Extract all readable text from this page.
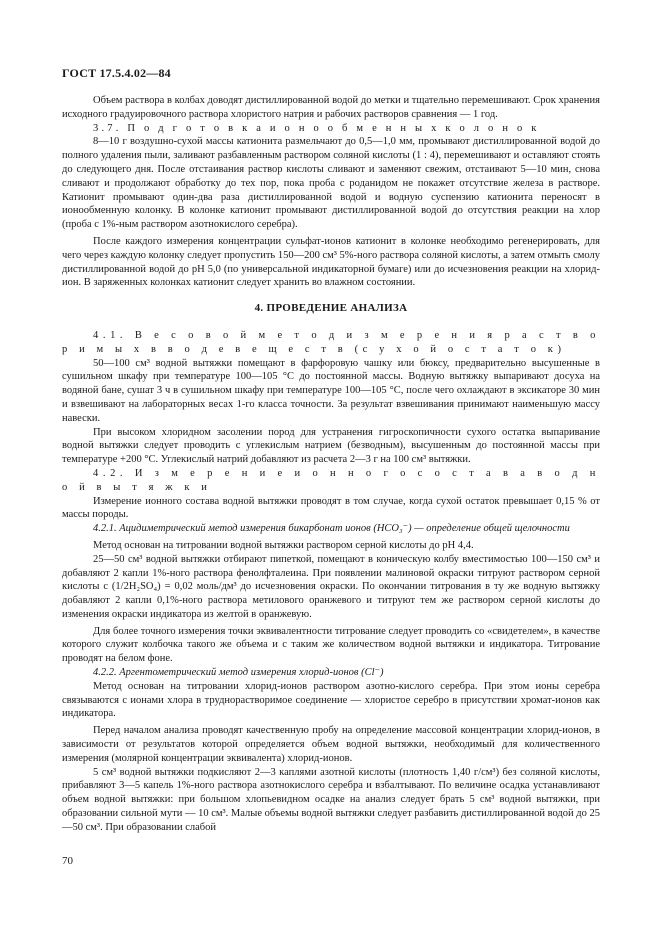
ГОСТ 17.5.4.02—84

Объем раствора в колбах доводят дистиллированной водой до метки и тщательно перемешивают. Срок хранения исходного градуировочного раствора хлористого натрия и рабочих растворов сравнения — 1 год.

3.7. П о д г о т о в к а и о н о о б м е н н ы х к о л о н о к

8—10 г воздушно-сухой массы катионита размельчают до 0,5—1,0 мм, промывают дистиллированной водой до полного удаления пыли, заливают разбавленным раствором соляной кислоты (1 : 4), перемешивают и оставляют стоять до следующего дня. После отстаивания раствор кислоты сливают и заменяют свежим, отстаивают 5—10 мин, снова сливают и продолжают обработку до тех пор, пока проба с роданидом не покажет отсутствие железа в растворе. Катионит промывают один-два раза дистиллированной водой и водную суспензию катионита переносят в ионообменную колонку. В колонке катионит промывают дистиллированной водой до отсутствия реакции на хлор (проба с 1%-ным раствором азотнокислого серебра).

После каждого измерения концентрации сульфат-ионов катионит в колонке необходимо регенерировать, для чего через каждую колонку следует пропустить 150—200 см³ 5%-ного раствора соляной кислоты, а затем отмыть смолу дистиллированной водой до pH 5,0 (по универсальной индикаторной бумаге) или до исчезновения реакции на хлорид-ион. В заряженных колонках катионит следует хранить во влажном состоянии.

4. ПРОВЕДЕНИЕ АНАЛИЗА

4.1. В е с о в о й м е т о д и з м е р е н и я р а с т в о р и м ы х в в о д е в е щ е с т в (с у х о й о с т а т о к)

50—100 см³ водной вытяжки помещают в фарфоровую чашку или бюксу, предварительно высушенные в сушильном шкафу при температуре 100—105 °С до постоянной массы. Водную вытяжку выпаривают досуха на водяной бане, сушат 3 ч в сушильном шкафу при температуре 100—105 °С, после чего охлаждают в эксикаторе 30 мин и взвешивают на лабораторных весах 1-го класса точности. За результат взвешивания принимают наименьшую массу навески.

При высоком хлоридном засолении пород для устранения гигроскопичности сухого остатка выпаривание водной вытяжки следует проводить с углекислым натрием (безводным), высушенным до постоянной массы при температуре +200 °С. Углекислый натрий добавляют из расчета 2—3 г на 100 см³ вытяжки.

4.2. И з м е р е н и е и о н н о г о с о с т а в а в о д н о й в ы т я ж к и

Измерение ионного состава водной вытяжки проводят в том случае, когда сухой остаток превышает 0,15 % от массы породы.

4.2.1. Ацидиметрический метод измерения бикарбонат ионов (HCO₃⁻) — определение общей щелочности

Метод основан на титровании водной вытяжки раствором серной кислоты до pH 4,4.

25—50 см³ водной вытяжки отбирают пипеткой, помещают в коническую колбу вместимостью 100—150 см³ и добавляют 2 капли 1%-ного раствора фенолфталеина. При появлении малиновой окраски титруют раствором серной кислоты c (1/2H₂SO₄) = 0,02 моль/дм³ до исчезновения окраски. По окончании титрования в ту же водную вытяжку добавляют 2 капли 0,1%-ного раствора метилового оранжевого и титруют тем же раствором серной кислоты до изменения окраски индикатора из желтой в оранжевую.

Для более точного измерения точки эквивалентности титрование следует проводить со «свидетелем», в качестве которого служит колбочка такого же объема и с таким же количеством водной вытяжки и индикатора. Титрование проводят на белом фоне.

4.2.2. Аргентометрический метод измерения хлорид-ионов (Cl⁻)

Метод основан на титровании хлорид-ионов раствором азотно-кислого серебра. При этом ионы серебра связываются с ионами хлора в труднорастворимое соединение — хлористое серебро в присутствии хромат-ионов как индикатора.

Перед началом анализа проводят качественную пробу на определение массовой концентрации хлорид-ионов, в зависимости от результатов которой определяется объем водной вытяжки, необходимый для количественного измерения (молярной концентрации эквивалента) хлорид-ионов.

5 см³ водной вытяжки подкисляют 2—3 каплями азотной кислоты (плотность 1,40 г/см³) без соляной кислоты, прибавляют 3—5 капель 1%-ного раствора азотнокислого серебра и взбалтывают. По величине осадка устанавливают объем водной вытяжки: при большом хлопьевидном осадке на анализ следует брать 5 см³ водной вытяжки, при образовании сильной мути — 10 см³. Малые объемы водной вытяжки следует разбавить дистиллированной водой до 25—50 см³. При образовании слабой

70
